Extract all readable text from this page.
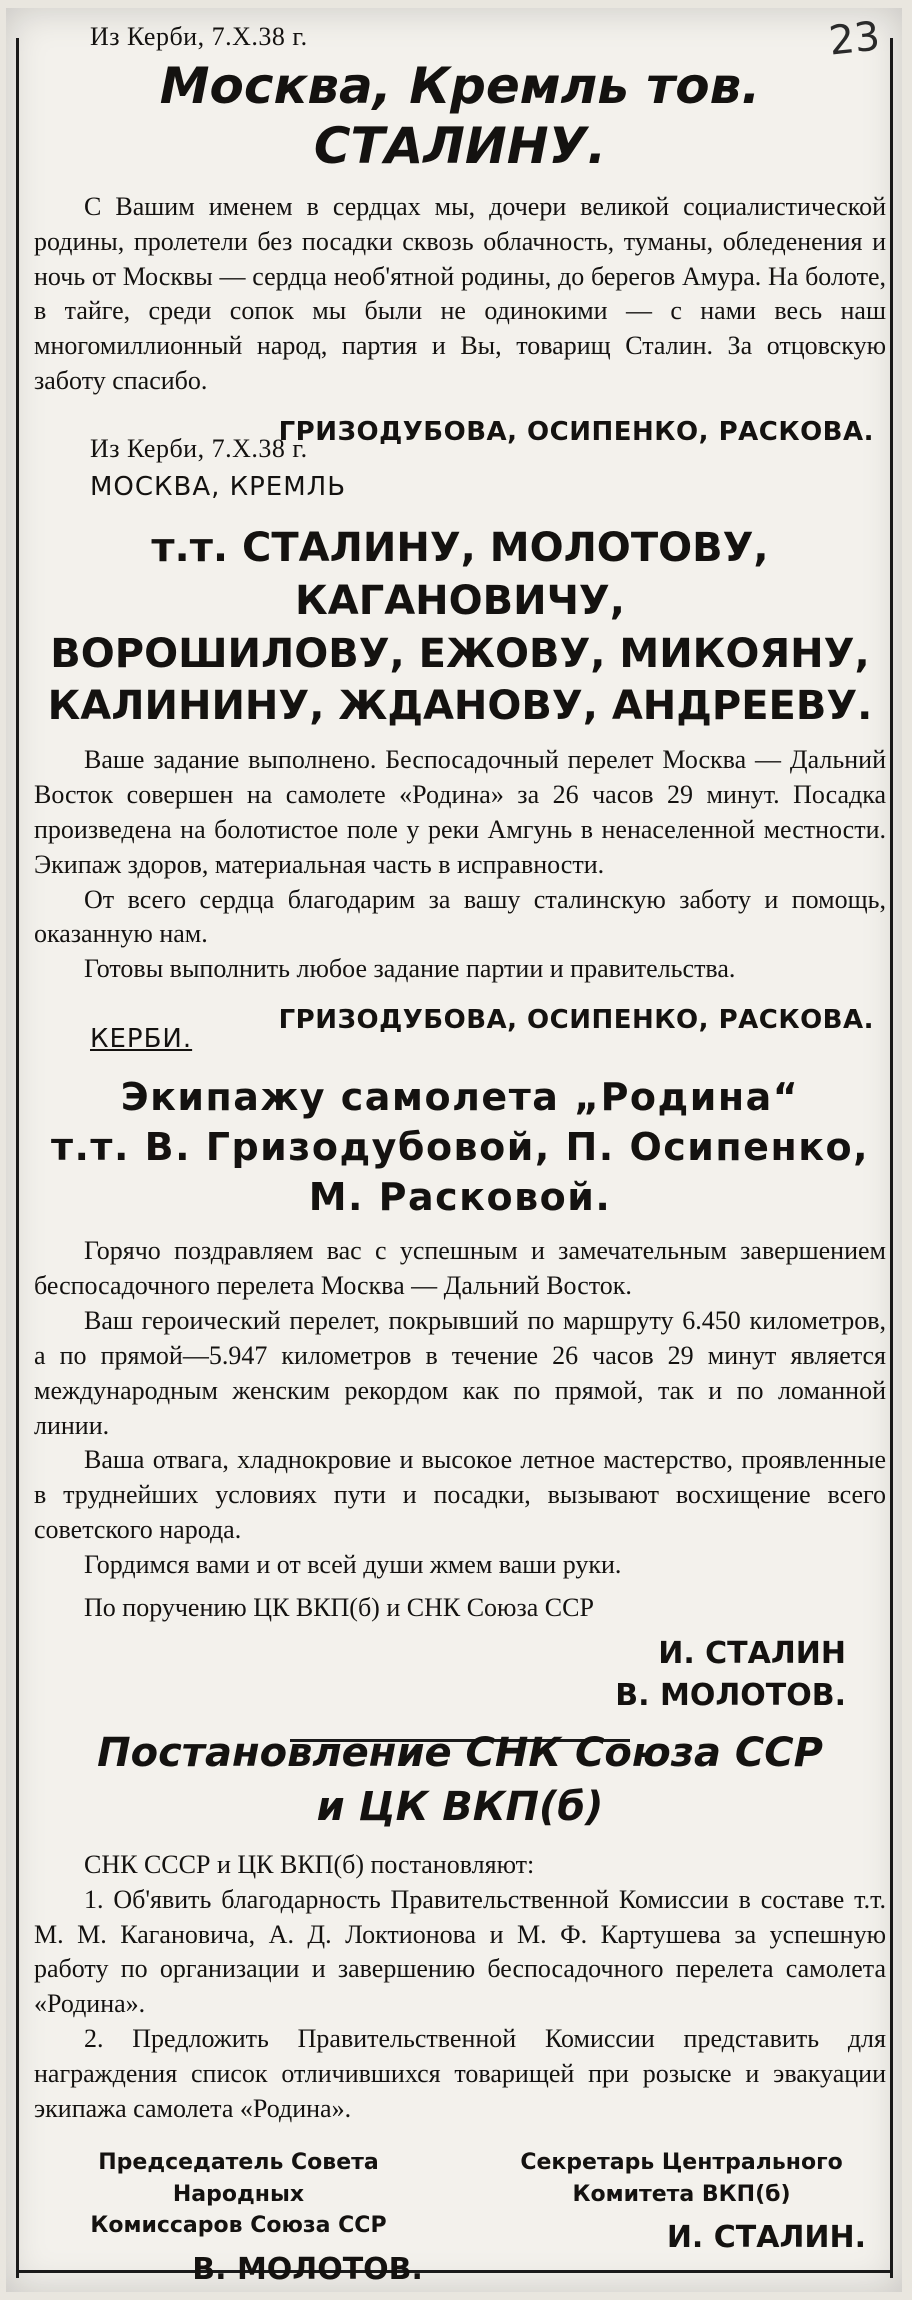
23
Из Керби, 7.X.38 г.
Москва, Кремль тов. СТАЛИНУ.

С Вашим именем в сердцах мы, дочери великой социалистической родины, пролетели без посадки сквозь облачность, туманы, обледенения и ночь от Москвы — сердца необ'ятной родины, до берегов Амура. На болоте, в тайге, среди сопок мы были не одинокими — с нами весь наш многомиллионный народ, партия и Вы, товарищ Сталин. За отцовскую заботу спасибо.

ГРИЗОДУБОВА, ОСИПЕНКО, РАСКОВА.
Из Керби, 7.X.38 г.
МОСКВА, КРЕМЛЬ
т.т. СТАЛИНУ, МОЛОТОВУ, КАГАНОВИЧУ,
ВОРОШИЛОВУ, ЕЖОВУ, МИКОЯНУ,
КАЛИНИНУ, ЖДАНОВУ, АНДРЕЕВУ.

Ваше задание выполнено. Беспосадочный перелет Москва — Дальний Восток совершен на самолете «Родина» за 26 часов 29 минут. Посадка произведена на болотистое поле у реки Амгунь в ненаселенной местности. Экипаж здоров, материальная часть в исправности.

От всего сердца благодарим за вашу сталинскую заботу и помощь, оказанную нам.

Готовы выполнить любое задание партии и правительства.

ГРИЗОДУБОВА, ОСИПЕНКО, РАСКОВА.
КЕРБИ.
Экипажу самолета „Родина“
т.т. В. Гризодубовой, П. Осипенко,
М. Расковой.

Горячо поздравляем вас с успешным и замечательным завершением беспосадочного перелета Москва — Дальний Восток.

Ваш героический перелет, покрывший по маршруту 6.450 километров, а по прямой—5.947 километров в течение 26 часов 29 минут является международным женским рекордом как по прямой, так и по ломанной линии.

Ваша отвага, хладнокровие и высокое летное мастерство, проявленные в труднейших условиях пути и посадки, вызывают восхищение всего советского народа.

Гордимся вами и от всей души жмем ваши руки.

По поручению ЦК ВКП(б) и СНК Союза ССР

И. СТАЛИН
В. МОЛОТОВ.
Постановление СНК Союза ССР
и ЦК ВКП(б)

СНК СССР и ЦК ВКП(б) постановляют:

1. Об'явить благодарность Правительственной Комиссии в составе т.т. М. М. Кагановича, А. Д. Локтионова и М. Ф. Картушева за успешную работу по организации и завершению беспосадочного перелета самолета «Родина».

2. Предложить Правительственной Комиссии представить для награждения список отличившихся товарищей при розыске и эвакуации экипажа самолета «Родина».

Председатель Совета Народных
Комиссаров Союза ССР
В. МОЛОТОВ.
Секретарь Центрального
Комитета ВКП(б)
И. СТАЛИН.
